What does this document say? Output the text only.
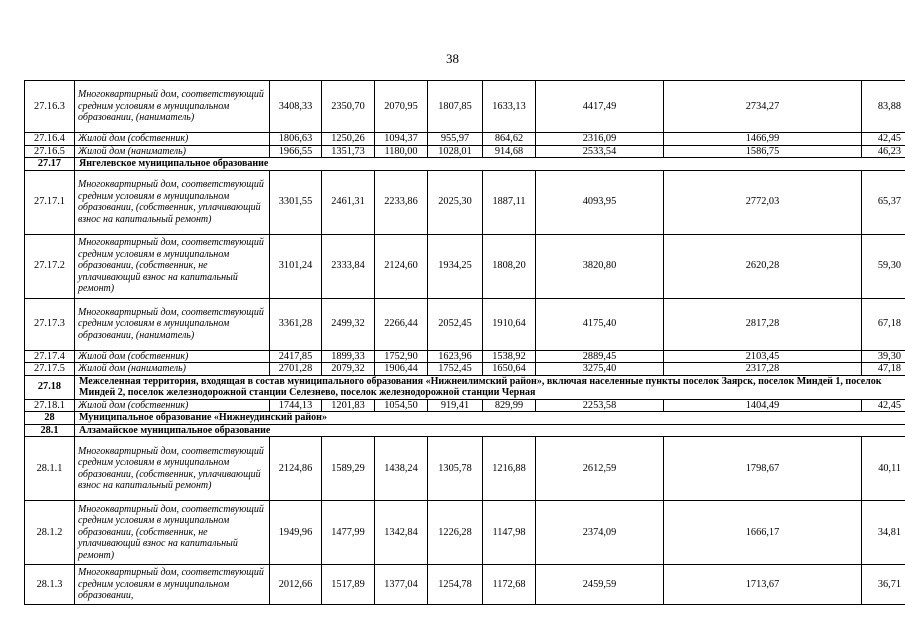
38
27.16.3	Многоквартирный дом, соответствующий средним условиям в муниципальном образовании, (наниматель)	3408,33	2350,70	2070,95	1807,85	1633,13	4417,49	2734,27	83,88
27.16.4	Жилой дом (собственник)	1806,63	1250,26	1094,37	955,97	864,62	2316,09	1466,99	42,45
27.16.5	Жилой дом (наниматель)	1966,55	1351,73	1180,00	1028,01	914,68	2533,54	1586,75	46,23
27.17	Янгелевское муниципальное образование								
27.17.1	Многоквартирный дом, соответствующий средним условиям в муниципальном образовании, (собственник, уплачивающий взнос на капитальный ремонт)	3301,55	2461,31	2233,86	2025,30	1887,11	4093,95	2772,03	65,37
27.17.2	Многоквартирный дом, соответствующий средним условиям в муниципальном образовании, (собственник, не уплачивающий взнос на капитальный ремонт)	3101,24	2333,84	2124,60	1934,25	1808,20	3820,80	2620,28	59,30
27.17.3	Многоквартирный дом, соответствующий средним условиям в муниципальном образовании, (наниматель)	3361,28	2499,32	2266,44	2052,45	1910,64	4175,40	2817,28	67,18
27.17.4	Жилой дом (собственник)	2417,85	1899,33	1752,90	1623,96	1538,92	2889,45	2103,45	39,30
27.17.5	Жилой дом (наниматель)	2701,28	2079,32	1906,44	1752,45	1650,64	3275,40	2317,28	47,18
27.18	Межселенная территория, входящая в состав муниципального образования «Нижнеилимский район», включая населенные пункты поселок Заярск, поселок Миндей 1, поселок Миндей 2, поселок железнодорожной станции Селезнево, поселок железнодорожной станции Черная								
27.18.1	Жилой дом (собственник)	1744,13	1201,83	1054,50	919,41	829,99	2253,58	1404,49	42,45
28	Муниципальное образование «Нижнеудинский район»								
28.1	Алзамайское муниципальное образование								
28.1.1	Многоквартирный дом, соответствующий средним условиям в муниципальном образовании, (собственник, уплачивающий взнос на капитальный ремонт)	2124,86	1589,29	1438,24	1305,78	1216,88	2612,59	1798,67	40,11
28.1.2	Многоквартирный дом, соответствующий средним условиям в муниципальном образовании, (собственник, не уплачивающий взнос на капитальный ремонт)	1949,96	1477,99	1342,84	1226,28	1147,98	2374,09	1666,17	34,81
28.1.3	Многоквартирный дом, соответствующий средним условиям в муниципальном образовании,	2012,66	1517,89	1377,04	1254,78	1172,68	2459,59	1713,67	36,71
